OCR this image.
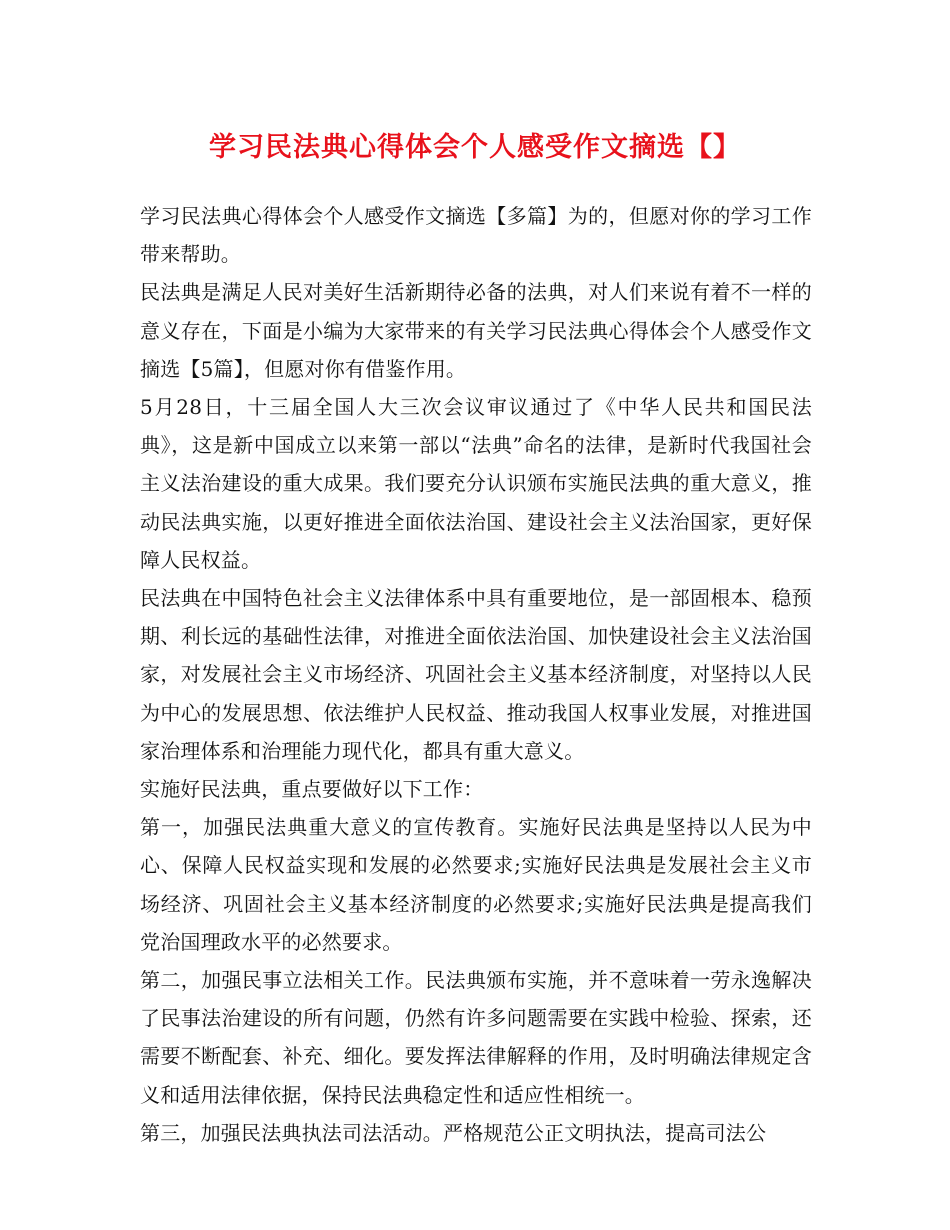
学习民法典心得体会个人感受作文摘选【】

学习民法典心得体会个人感受作文摘选【多篇】为的，但愿对你的学习工作带来帮助。

民法典是满足人民对美好生活新期待必备的法典，对人们来说有着不一样的意义存在，下面是小编为大家带来的有关学习民法典心得体会个人感受作文摘选【5篇】，但愿对你有借鉴作用。

5月28日，十三届全国人大三次会议审议通过了《中华人民共和国民法典》，这是新中国成立以来第一部以“法典”命名的法律，是新时代我国社会主义法治建设的重大成果。我们要充分认识颁布实施民法典的重大意义，推动民法典实施，以更好推进全面依法治国、建设社会主义法治国家，更好保障人民权益。

民法典在中国特色社会主义法律体系中具有重要地位，是一部固根本、稳预期、利长远的基础性法律，对推进全面依法治国、加快建设社会主义法治国家，对发展社会主义市场经济、巩固社会主义基本经济制度，对坚持以人民为中心的发展思想、依法维护人民权益、推动我国人权事业发展，对推进国家治理体系和治理能力现代化，都具有重大意义。

实施好民法典，重点要做好以下工作：

第一，加强民法典重大意义的宣传教育。实施好民法典是坚持以人民为中心、保障人民权益实现和发展的必然要求;实施好民法典是发展社会主义市场经济、巩固社会主义基本经济制度的必然要求;实施好民法典是提高我们党治国理政水平的必然要求。

第二，加强民事立法相关工作。民法典颁布实施，并不意味着一劳永逸解决了民事法治建设的所有问题，仍然有许多问题需要在实践中检验、探索，还需要不断配套、补充、细化。要发挥法律解释的作用，及时明确法律规定含义和适用法律依据，保持民法典稳定性和适应性相统一。

第三，加强民法典执法司法活动。严格规范公正文明执法，提高司法公
